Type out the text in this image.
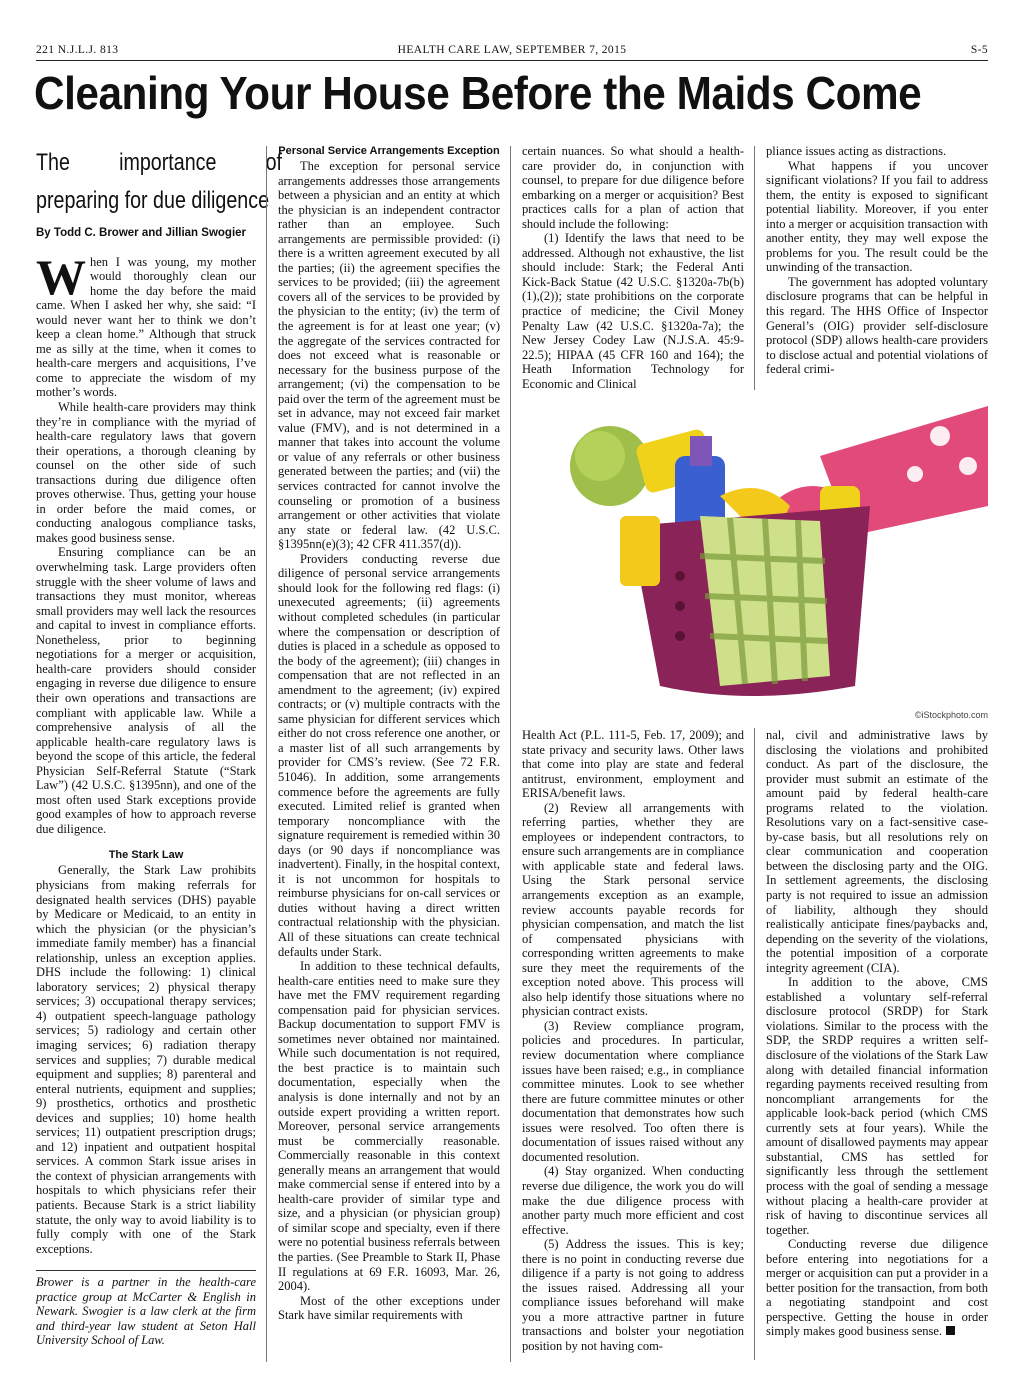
221 N.J.L.J. 813	HEALTH CARE LAW, SEPTEMBER 7, 2015	S-5
Cleaning Your House Before the Maids Come
The importance of preparing for due diligence
By Todd C. Brower and Jillian Swogier

When I was young, my mother would thoroughly clean our home the day before the maid came. When I asked her why, she said: “I would never want her to think we don’t keep a clean home.” Although that struck me as silly at the time, when it comes to health-care mergers and acquisitions, I’ve come to appreciate the wisdom of my mother’s words.

While health-care providers may think they’re in compliance with the myriad of health-care regulatory laws that govern their operations, a thorough cleaning by counsel on the other side of such transactions during due diligence often proves otherwise. Thus, getting your house in order before the maid comes, or conducting analogous compliance tasks, makes good business sense.

Ensuring compliance can be an overwhelming task. Large providers often struggle with the sheer volume of laws and transactions they must monitor, whereas small providers may well lack the resources and capital to invest in compliance efforts. Nonetheless, prior to beginning negotiations for a merger or acquisition, health-care providers should consider engaging in reverse due diligence to ensure their own operations and transactions are compliant with applicable law. While a comprehensive analysis of all the applicable health-care regulatory laws is beyond the scope of this article, the federal Physician Self-Referral Statute (“Stark Law”) (42 U.S.C. §1395nn), and one of the most often used Stark exceptions provide good examples of how to approach reverse due diligence.

The Stark Law

Generally, the Stark Law prohibits physicians from making referrals for designated health services (DHS) payable by Medicare or Medicaid, to an entity in which the physician (or the physician’s immediate family member) has a financial relationship, unless an exception applies. DHS include the following: 1) clinical laboratory services; 2) physical therapy services; 3) occupational therapy services; 4) outpatient speech-language pathology services; 5) radiology and certain other imaging services; 6) radiation therapy services and supplies; 7) durable medical equipment and supplies; 8) parenteral and enteral nutrients, equipment and supplies; 9) prosthetics, orthotics and prosthetic devices and supplies; 10) home health services; 11) outpatient prescription drugs; and 12) inpatient and outpatient hospital services. A common Stark issue arises in the context of physician arrangements with hospitals to which physicians refer their patients. Because Stark is a strict liability statute, the only way to avoid liability is to fully comply with one of the Stark exceptions.

Brower is a partner in the health-care practice group at McCarter & English in Newark. Swogier is a law clerk at the firm and third-year law student at Seton Hall University School of Law.
Personal Service Arrangements Exception

The exception for personal service arrangements addresses those arrangements between a physician and an entity at which the physician is an independent contractor rather than an employee. Such arrangements are permissible provided: (i) there is a written agreement executed by all the parties; (ii) the agreement specifies the services to be provided; (iii) the agreement covers all of the services to be provided by the physician to the entity; (iv) the term of the agreement is for at least one year; (v) the aggregate of the services contracted for does not exceed what is reasonable or necessary for the business purpose of the arrangement; (vi) the compensation to be paid over the term of the agreement must be set in advance, may not exceed fair market value (FMV), and is not determined in a manner that takes into account the volume or value of any referrals or other business generated between the parties; and (vii) the services contracted for cannot involve the counseling or promotion of a business arrangement or other activities that violate any state or federal law. (42 U.S.C. §1395nn(e)(3); 42 CFR 411.357(d)).

Providers conducting reverse due diligence of personal service arrangements should look for the following red flags: (i) unexecuted agreements; (ii) agreements without completed schedules (in particular where the compensation or description of duties is placed in a schedule as opposed to the body of the agreement); (iii) changes in compensation that are not reflected in an amendment to the agreement; (iv) expired contracts; or (v) multiple contracts with the same physician for different services which either do not cross reference one another, or a master list of all such arrangements by provider for CMS’s review. (See 72 F.R. 51046). In addition, some arrangements commence before the agreements are fully executed. Limited relief is granted when temporary noncompliance with the signature requirement is remedied within 30 days (or 90 days if noncompliance was inadvertent). Finally, in the hospital context, it is not uncommon for hospitals to reimburse physicians for on-call services or duties without having a direct written contractual relationship with the physician. All of these situations can create technical defaults under Stark.

In addition to these technical defaults, health-care entities need to make sure they have met the FMV requirement regarding compensation paid for physician services. Backup documentation to support FMV is sometimes never obtained nor maintained. While such documentation is not required, the best practice is to maintain such documentation, especially when the analysis is done internally and not by an outside expert providing a written report. Moreover, personal service arrangements must be commercially reasonable. Commercially reasonable in this context generally means an arrangement that would make commercial sense if entered into by a health-care provider of similar type and size, and a physician (or physician group) of similar scope and specialty, even if there were no potential business referrals between the parties. (See Preamble to Stark II, Phase II regulations at 69 F.R. 16093, Mar. 26, 2004).

Most of the other exceptions under Stark have similar requirements with

certain nuances. So what should a health-care provider do, in conjunction with counsel, to prepare for due diligence before embarking on a merger or acquisition? Best practices calls for a plan of action that should include the following:

(1) Identify the laws that need to be addressed. Although not exhaustive, the list should include: Stark; the Federal Anti Kick-Back Statue (42 U.S.C. §1320a-7b(b)(1),(2)); state prohibitions on the corporate practice of medicine; the Civil Money Penalty Law (42 U.S.C. §1320a-7a); the New Jersey Codey Law (N.J.S.A. 45:9-22.5); HIPAA (45 CFR 160 and 164); the Heath Information Technology for Economic and Clinical

pliance issues acting as distractions.

What happens if you uncover significant violations? If you fail to address them, the entity is exposed to significant potential liability. Moreover, if you enter into a merger or acquisition transaction with another entity, they may well expose the problems for you. The result could be the unwinding of the transaction.

The government has adopted voluntary disclosure programs that can be helpful in this regard. The HHS Office of Inspector General’s (OIG) provider self-disclosure protocol (SDP) allows health-care providers to disclose actual and potential violations of federal crimi-

©iStockphoto.com

Health Act (P.L. 111-5, Feb. 17, 2009); and state privacy and security laws. Other laws that come into play are state and federal antitrust, environment, employment and ERISA/benefit laws.

(2) Review all arrangements with referring parties, whether they are employees or independent contractors, to ensure such arrangements are in compliance with applicable state and federal laws. Using the Stark personal service arrangements exception as an example, review accounts payable records for physician compensation, and match the list of compensated physicians with corresponding written agreements to make sure they meet the requirements of the exception noted above. This process will also help identify those situations where no physician contract exists.

(3) Review compliance program, policies and procedures. In particular, review documentation where compliance issues have been raised; e.g., in compliance committee minutes. Look to see whether there are future committee minutes or other documentation that demonstrates how such issues were resolved. Too often there is documentation of issues raised without any documented resolution.

(4) Stay organized. When conducting reverse due diligence, the work you do will make the due diligence process with another party much more efficient and cost effective.

(5) Address the issues. This is key; there is no point in conducting reverse due diligence if a party is not going to address the issues raised. Addressing all your compliance issues beforehand will make you a more attractive partner in future transactions and bolster your negotiation position by not having com-

nal, civil and administrative laws by disclosing the violations and prohibited conduct. As part of the disclosure, the provider must submit an estimate of the amount paid by federal health-care programs related to the violation. Resolutions vary on a fact-sensitive case-by-case basis, but all resolutions rely on clear communication and cooperation between the disclosing party and the OIG. In settlement agreements, the disclosing party is not required to issue an admission of liability, although they should realistically anticipate fines/paybacks and, depending on the severity of the violations, the potential imposition of a corporate integrity agreement (CIA).

In addition to the above, CMS established a voluntary self-referral disclosure protocol (SRDP) for Stark violations. Similar to the process with the SDP, the SRDP requires a written self-disclosure of the violations of the Stark Law along with detailed financial information regarding payments received resulting from noncompliant arrangements for the applicable look-back period (which CMS currently sets at four years). While the amount of disallowed payments may appear substantial, CMS has settled for significantly less through the settlement process with the goal of sending a message without placing a health-care provider at risk of having to discontinue services all together.

Conducting reverse due diligence before entering into negotiations for a merger or acquisition can put a provider in a better position for the transaction, from both a negotiating standpoint and cost perspective. Getting the house in order simply makes good business sense.
